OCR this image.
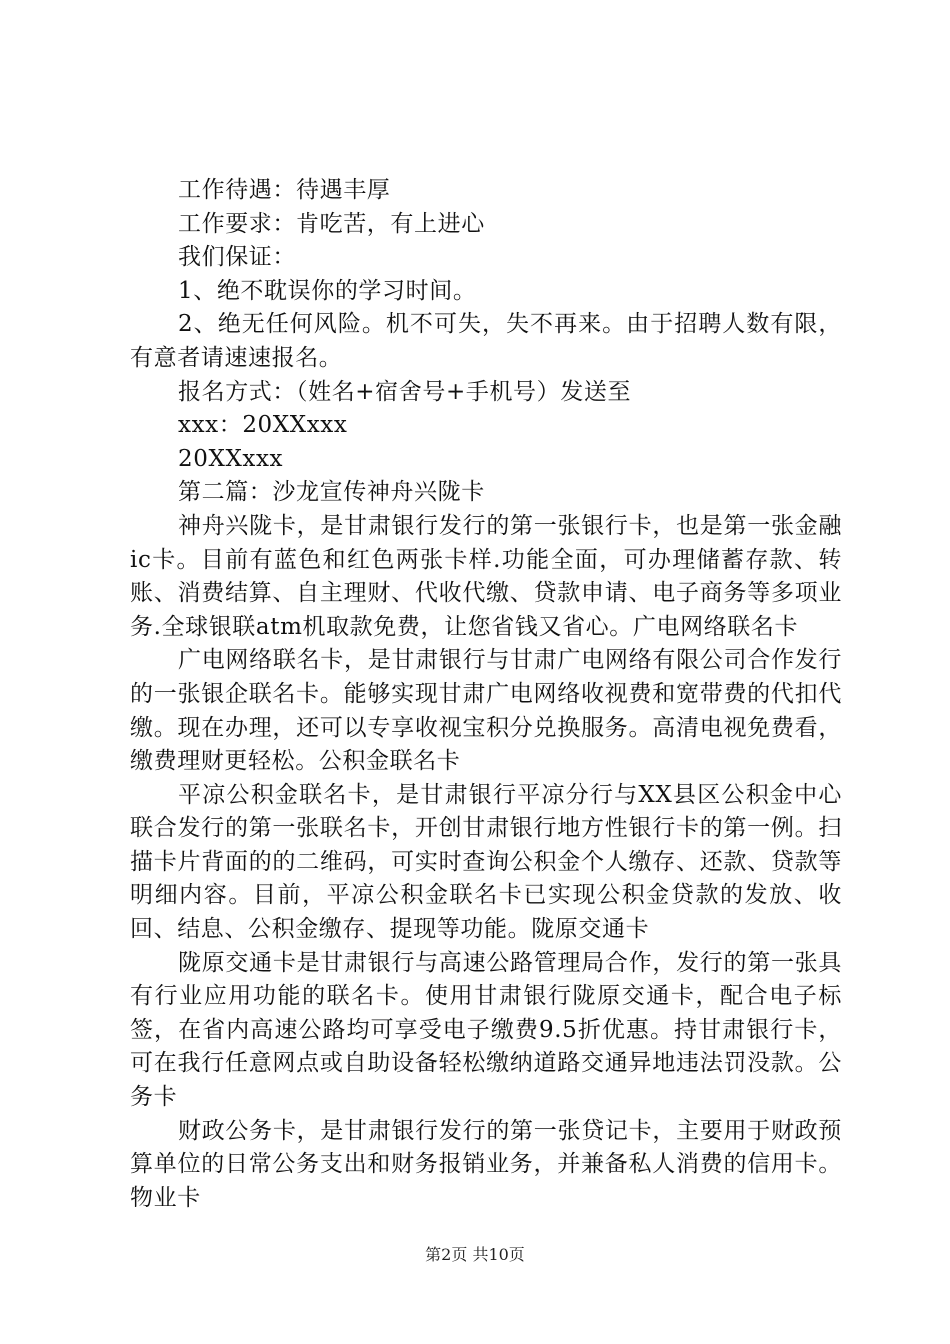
工作待遇：待遇丰厚

工作要求：肯吃苦，有上进心

我们保证：

1、绝不耽误你的学习时间。

2、绝无任何风险。机不可失，失不再来。由于招聘人数有限，有意者请速速报名。

报名方式：（姓名+宿舍号+手机号）发送至

xxx：20XXxxx

20XXxxx

第二篇：沙龙宣传神舟兴陇卡

神舟兴陇卡，是甘肃银行发行的第一张银行卡，也是第一张金融ic卡。目前有蓝色和红色两张卡样.功能全面，可办理储蓄存款、转账、消费结算、自主理财、代收代缴、贷款申请、电子商务等多项业务.全球银联atm机取款免费，让您省钱又省心。广电网络联名卡

广电网络联名卡，是甘肃银行与甘肃广电网络有限公司合作发行的一张银企联名卡。能够实现甘肃广电网络收视费和宽带费的代扣代缴。现在办理，还可以专享收视宝积分兑换服务。高清电视免费看，缴费理财更轻松。公积金联名卡

平凉公积金联名卡，是甘肃银行平凉分行与XX县区公积金中心联合发行的第一张联名卡，开创甘肃银行地方性银行卡的第一例。扫描卡片背面的的二维码，可实时查询公积金个人缴存、还款、贷款等明细内容。目前，平凉公积金联名卡已实现公积金贷款的发放、收回、结息、公积金缴存、提现等功能。陇原交通卡

陇原交通卡是甘肃银行与高速公路管理局合作，发行的第一张具有行业应用功能的联名卡。使用甘肃银行陇原交通卡，配合电子标签，在省内高速公路均可享受电子缴费9.5折优惠。持甘肃银行卡，可在我行任意网点或自助设备轻松缴纳道路交通异地违法罚没款。公务卡

财政公务卡，是甘肃银行发行的第一张贷记卡，主要用于财政预算单位的日常公务支出和财务报销业务，并兼备私人消费的信用卡。物业卡

第2页 共10页
